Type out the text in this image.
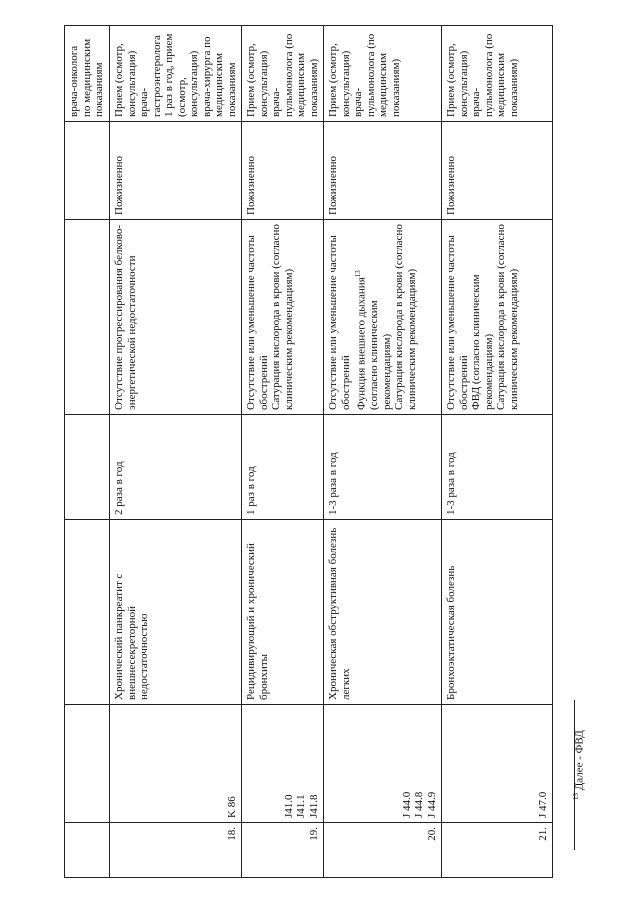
						врача-онколога
по медицинским
показаниям
18.	K 86	Хронический панкреатит с внешнесекреторной недостаточностью	2 раза в год	Отсутствие прогрессирования белково-энергетической недостаточности	Пожизненно	Прием (осмотр, консультация) врача-гастроэнтеролога 1 раз в год, прием (осмотр, консультация) врача-хирурга по медицинским показаниям
19.	J41.0
J41.1
J41.8	Рецидивирующий и хронический бронхиты	1 раз в год	Отсутствие или уменьшение частоты обострений
Сатурация кислорода в крови (согласно клиническим рекомендациям)	Пожизненно	Прием (осмотр, консультация) врача-пульмонолога (по медицинским показаниям)
20.	J 44.0
J 44.8
J 44.9	Хроническая обструктивная болезнь легких	1-3 раза в год	Отсутствие или уменьшение частоты обострений Функция внешнего дыхания$^{13}$
(согласно клиническим рекомендациям) Сатурация кислорода в крови (согласно клиническим рекомендациям)	Пожизненно	Прием (осмотр, консультация) врача- пульмонолога (по медицинским показаниям)
21.	J 47.0	Бронхоэктатическая болезнь	1-3 раза в год	Отсутствие или уменьшение частоты обострений
ФВД (согласно клиническим рекомендациям)
Сатурация кислорода в крови (согласно клиническим рекомендациям)	Пожизненно	Прием (осмотр, консультация) врача-пульмонолога (по медицинским показаниям)
$^{13}$ Далее - ФВД
